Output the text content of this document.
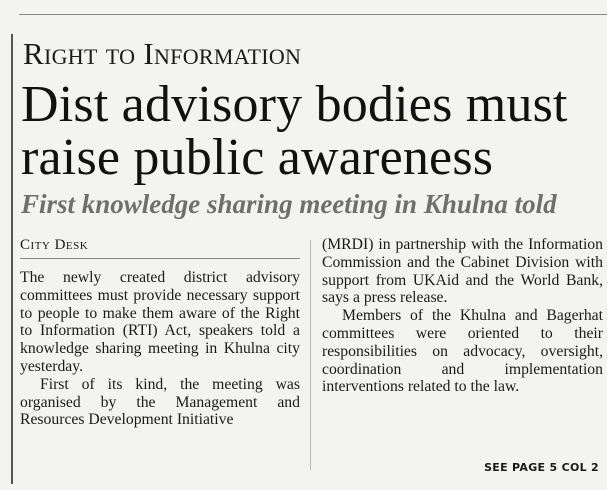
Right to Information
Dist advisory bodies must raise public awareness
First knowledge sharing meeting in Khulna told
City Desk

The newly created district advisory committees must provide necessary support to people to make them aware of the Right to Information (RTI) Act, speakers told a knowledge sharing meeting in Khulna city yesterday.

First of its kind, the meeting was organised by the Management and Resources Development Initiative

(MRDI) in partnership with the Information Commission and the Cabinet Division with support from UKAid and the World Bank, says a press release.

Members of the Khulna and Bagerhat committees were oriented to their responsibilities on advocacy, oversight, coordination and implementation interventions related to the law.

SEE PAGE 5 COL 2
